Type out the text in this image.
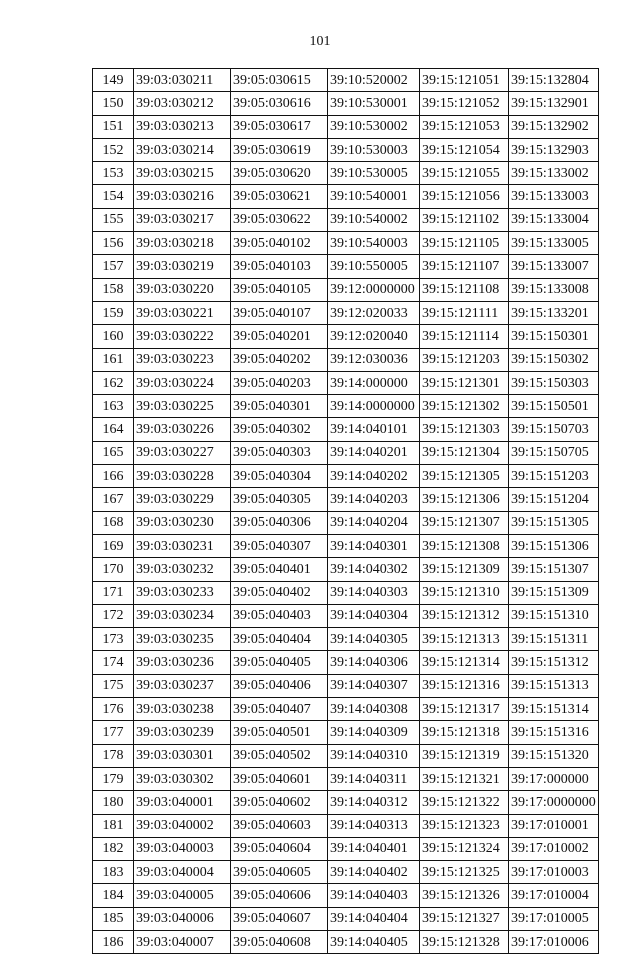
101
149	39:03:030211	39:05:030615	39:10:520002	39:15:121051	39:15:132804
150	39:03:030212	39:05:030616	39:10:530001	39:15:121052	39:15:132901
151	39:03:030213	39:05:030617	39:10:530002	39:15:121053	39:15:132902
152	39:03:030214	39:05:030619	39:10:530003	39:15:121054	39:15:132903
153	39:03:030215	39:05:030620	39:10:530005	39:15:121055	39:15:133002
154	39:03:030216	39:05:030621	39:10:540001	39:15:121056	39:15:133003
155	39:03:030217	39:05:030622	39:10:540002	39:15:121102	39:15:133004
156	39:03:030218	39:05:040102	39:10:540003	39:15:121105	39:15:133005
157	39:03:030219	39:05:040103	39:10:550005	39:15:121107	39:15:133007
158	39:03:030220	39:05:040105	39:12:0000000	39:15:121108	39:15:133008
159	39:03:030221	39:05:040107	39:12:020033	39:15:121111	39:15:133201
160	39:03:030222	39:05:040201	39:12:020040	39:15:121114	39:15:150301
161	39:03:030223	39:05:040202	39:12:030036	39:15:121203	39:15:150302
162	39:03:030224	39:05:040203	39:14:000000	39:15:121301	39:15:150303
163	39:03:030225	39:05:040301	39:14:0000000	39:15:121302	39:15:150501
164	39:03:030226	39:05:040302	39:14:040101	39:15:121303	39:15:150703
165	39:03:030227	39:05:040303	39:14:040201	39:15:121304	39:15:150705
166	39:03:030228	39:05:040304	39:14:040202	39:15:121305	39:15:151203
167	39:03:030229	39:05:040305	39:14:040203	39:15:121306	39:15:151204
168	39:03:030230	39:05:040306	39:14:040204	39:15:121307	39:15:151305
169	39:03:030231	39:05:040307	39:14:040301	39:15:121308	39:15:151306
170	39:03:030232	39:05:040401	39:14:040302	39:15:121309	39:15:151307
171	39:03:030233	39:05:040402	39:14:040303	39:15:121310	39:15:151309
172	39:03:030234	39:05:040403	39:14:040304	39:15:121312	39:15:151310
173	39:03:030235	39:05:040404	39:14:040305	39:15:121313	39:15:151311
174	39:03:030236	39:05:040405	39:14:040306	39:15:121314	39:15:151312
175	39:03:030237	39:05:040406	39:14:040307	39:15:121316	39:15:151313
176	39:03:030238	39:05:040407	39:14:040308	39:15:121317	39:15:151314
177	39:03:030239	39:05:040501	39:14:040309	39:15:121318	39:15:151316
178	39:03:030301	39:05:040502	39:14:040310	39:15:121319	39:15:151320
179	39:03:030302	39:05:040601	39:14:040311	39:15:121321	39:17:000000
180	39:03:040001	39:05:040602	39:14:040312	39:15:121322	39:17:0000000
181	39:03:040002	39:05:040603	39:14:040313	39:15:121323	39:17:010001
182	39:03:040003	39:05:040604	39:14:040401	39:15:121324	39:17:010002
183	39:03:040004	39:05:040605	39:14:040402	39:15:121325	39:17:010003
184	39:03:040005	39:05:040606	39:14:040403	39:15:121326	39:17:010004
185	39:03:040006	39:05:040607	39:14:040404	39:15:121327	39:17:010005
186	39:03:040007	39:05:040608	39:14:040405	39:15:121328	39:17:010006
